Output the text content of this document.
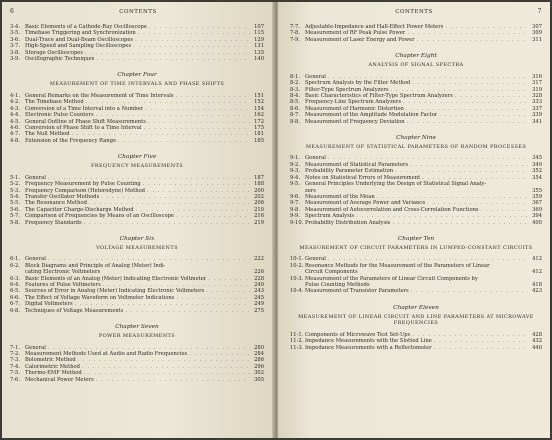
6	CONTENTS
3-4. Basic Elements of a Cathode-Ray Oscilloscope . . .	107
3-5. Timebase Triggering and Synchronization . . .	115
3-6. Dual-Trace and Dual-Beam Oscilloscopes . . .	129
3-7. High-Speed and Sampling Oscilloscopes . . .	131
3-8. Storage Oscilloscopes . . .	135
3-9. Oscillographic Techniques . . .	140
Chapter Four
MEASUREMENT OF TIME INTERVALS AND PHASE SHIFTS
4-1. General Remarks on the Measurement of Time Intervals . . .	151
4-2. The Timebase Method . . .	152
4-3. Conversion of a Time Interval into a Number . . .	154
4-4. Electronic Pulse Counters . . .	162
4-5. General Outline of Phase Shift Measurements . . .	172
4-6. Conversion of Phase Shift to a Time Interval . . .	175
4-7. The Null Method . . .	181
4-8. Extension of the Frequency Range . . .	185
Chapter Five
FREQUENCY MEASUREMENTS
5-1. General . . .	187
5-2. Frequency Measurement by Pulse Counting . . .	188
5-3. Frequency Comparison (Heterodyne) Method . . .	200
5-4. Transfer Oscillator Methods . . .	202
5-5. The Resonance Method . . .	206
5-6. The Capacitor Charge-Discharge Method . . .	210
5-7. Comparison of Frequencies by Means of an Oscilloscope . . .	216
5-8. Frequency Standards . . .	219
Chapter Six
VOLTAGE MEASUREMENTS
6-1. General . . .	222
6-2. Block Diagrams and Principle of Analog (Meter) Indi-
cating Electronic Voltmeters	226
6-3. Basic Elements of an Analog (Meter) Indicating Electronic Voltmeter . . .	228
6-4. Features of Pulse Voltmeters . . .	240
6-5. Sources of Error in Analog (Meter) Indicating Electronic Voltmeters . . .	243
6-6. The Effect of Voltage Waveform on Voltmeter Indications . . .	245
6-7. Digital Voltmeters . . .	249
6-8. Techniques of Voltage Measurements . . .	275
Chapter Seven
POWER MEASUREMENTS
7-1. General . . .	280
7-2. Measurement Methods Used at Audio and Radio Frequencies . . .	284
7-3. Bolometric Method . . .	286
7-4. Calorimetric Method . . .	296
7-5. Thermo-EMF Method . . .	302
7-6. Mechanical Power Meters . . .	305
CONTENTS	7
7-7. Adjustable-Impedance and Hall-Effect Power Meters . . .	307
7-8. Measurement of RF Peak Pulse Power . . .	309
7-9. Measurement of Laser Energy and Power . . .	311
Chapter Eight
ANALYSIS OF SIGNAL SPECTRA
8-1. General . . .	316
8-2. Spectrum Analysis by the Filter Method . . .	317
8-3. Filter-Type Spectrum Analyzers . . .	319
8-4. Basic Characteristics of Filter-Type Spectrum Analyzers . . .	328
8-5. Frequency-Line Spectrum Analyzers . . .	333
8-6. Measurement of Harmonic Distortion . . .	337
8-7. Measurement of the Amplitude Modulation Factor . . .	339
8-8. Measurement of Frequency Deviation . . .	341
Chapter Nine
MEASUREMENT OF STATISTICAL PARAMETERS OF RANDOM PROCESSES
9-1. General . . .	345
9-2. Measurement of Statistical Parameters . . .	349
9-3. Probability Parameter Estimation . . .	352
9-4. Notes on Statistical Errors of Measurement . . .	354
9-5. General Principles Underlying the Design of Statistical Signal Analy-
zers	355
9-6. Measurement of the Mean . . .	359
9-7. Measurement of Average Power and Variance . . .	367
9-8. Measurement of Autocorrelation and Cross-Correlation Functions . . .	369
9-9. Spectrum Analysis . . .	394
9-10. Probability Distribution Analysis . . .	400
Chapter Ten
MEASUREMENT OF CIRCUIT PARAMETERS IN LUMPED-CONSTANT CIRCUITS
10-1. General . . .	412
10-2. Resonance Methods for the Measurement of the Parameters of Linear
Circuit Components	412
10-3. Measurement of the Parameters of Linear Circuit Components by
Pulse Counting Methods	418
10-4. Measurement of Transistor Parameters . . .	423
Chapter Eleven
MEASUREMENT OF LINEAR CIRCUIT AND LINE PARAMETERS AT MICROWAVE FREQUENCIES
11-1. Components of Microwave Test Set-Ups . . .	428
11-2. Impedance Measurements with the Slotted Line . . .	432
11-3. Impedance Measurements with a Reflectometer . . .	440
